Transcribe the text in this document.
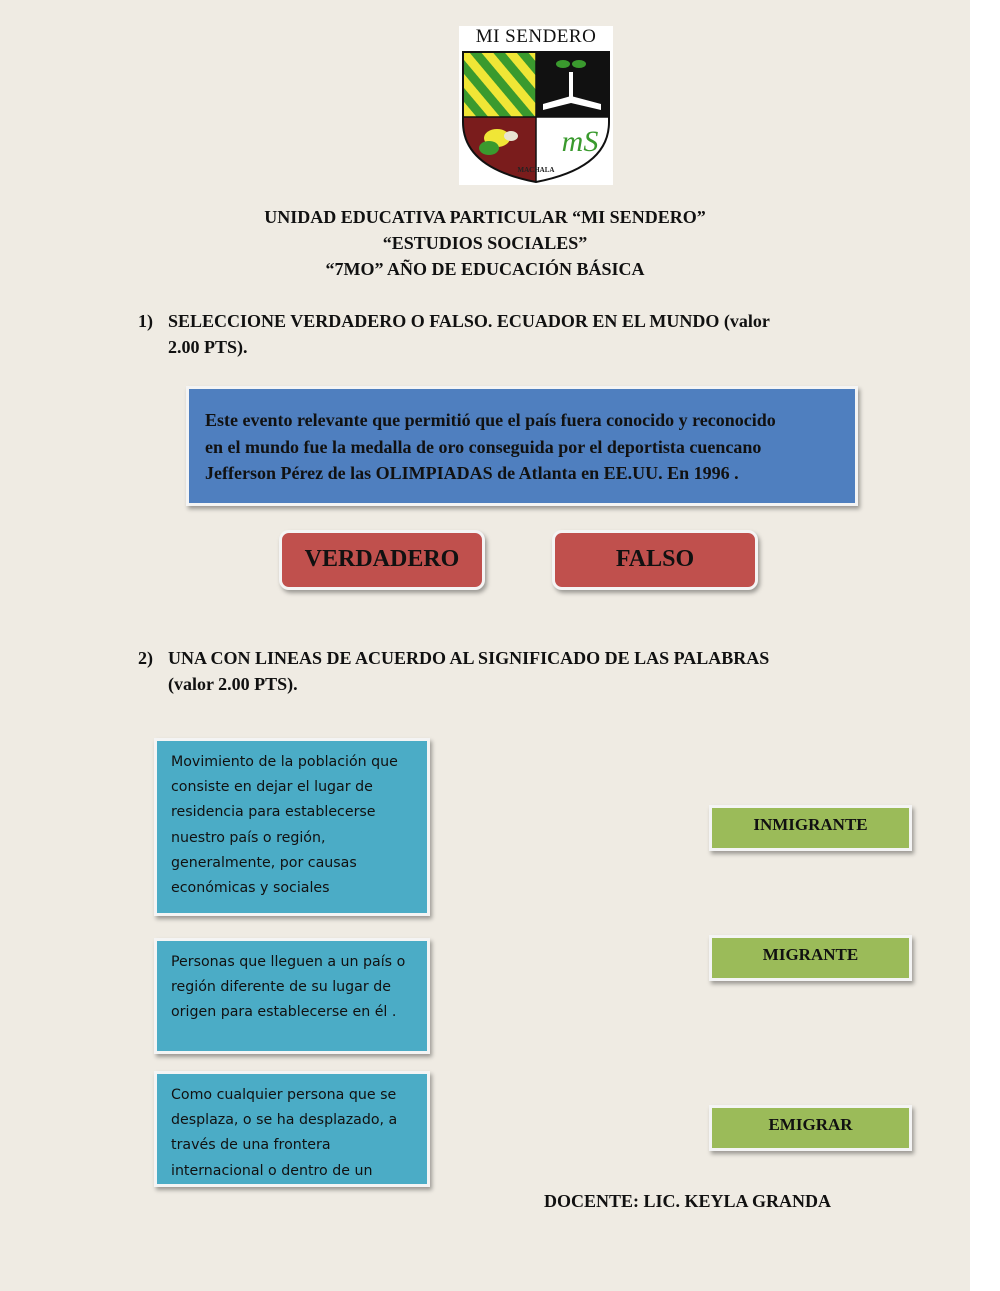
MI SENDERO
mS
MACHALA
UNIDAD EDUCATIVA PARTICULAR “MI SENDERO”
“ESTUDIOS SOCIALES”
“7MO” AÑO DE EDUCACIÓN BÁSICA
1) SELECCIONE VERDADERO O FALSO. ECUADOR EN EL MUNDO (valor
2.00 PTS).
Este evento relevante que permitió que el país fuera conocido y reconocido
en el mundo fue la medalla de oro conseguida por el deportista cuencano
Jefferson Pérez de las OLIMPIADAS de Atlanta en EE.UU. En 1996 .
VERDADERO	FALSO
2) UNA CON LINEAS DE ACUERDO AL SIGNIFICADO DE LAS PALABRAS
(valor 2.00 PTS).
Movimiento de la población que
consiste en dejar el lugar de
residencia para establecerse
nuestro país o región,
generalmente, por causas
económicas y sociales
Personas que lleguen a un país o
región diferente de su lugar de
origen para establecerse en él .
Como cualquier persona que se
desplaza, o se ha desplazado, a
través de una frontera
internacional o dentro de un
INMIGRANTE
MIGRANTE
EMIGRAR
DOCENTE: LIC. KEYLA GRANDA
